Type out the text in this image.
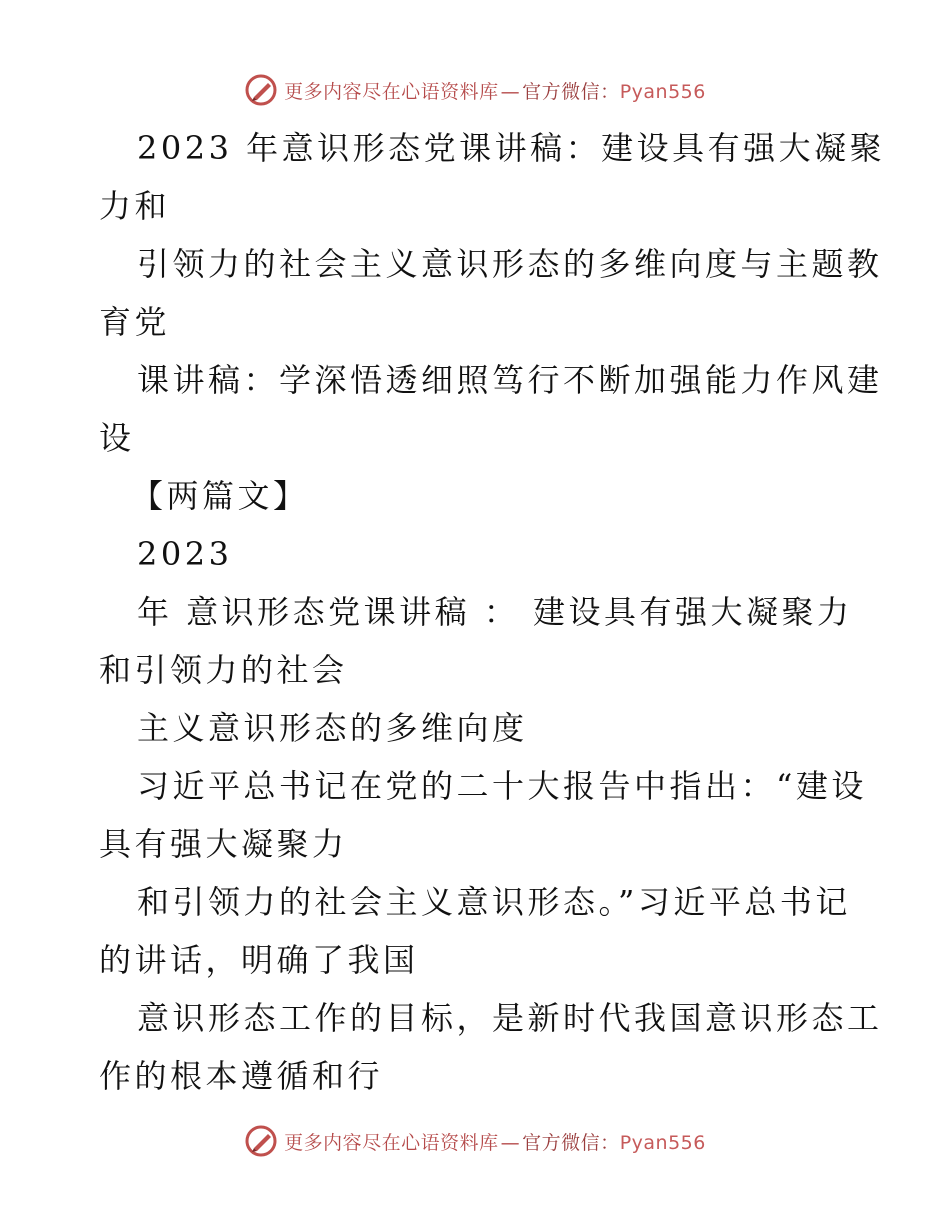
更多内容尽在心语资料库 — 官方微信：Pyan556
2023 年意识形态党课讲稿：建设具有强大凝聚
力和
引领力的社会主义意识形态的多维向度与主题教
育党
课讲稿：学深悟透细照笃行不断加强能力作风建
设
【两篇文】
2023
年 意识形态党课讲稿 ： 建设具有强大凝聚力
和引领力的社会
主义意识形态的多维向度
习近平总书记在党的二十大报告中指出：“建设
具有强大凝聚力
和引领力的社会主义意识形态。”习近平总书记
的讲话，明确了我国
意识形态工作的目标，是新时代我国意识形态工
作的根本遵循和行
更多内容尽在心语资料库 — 官方微信：Pyan556
